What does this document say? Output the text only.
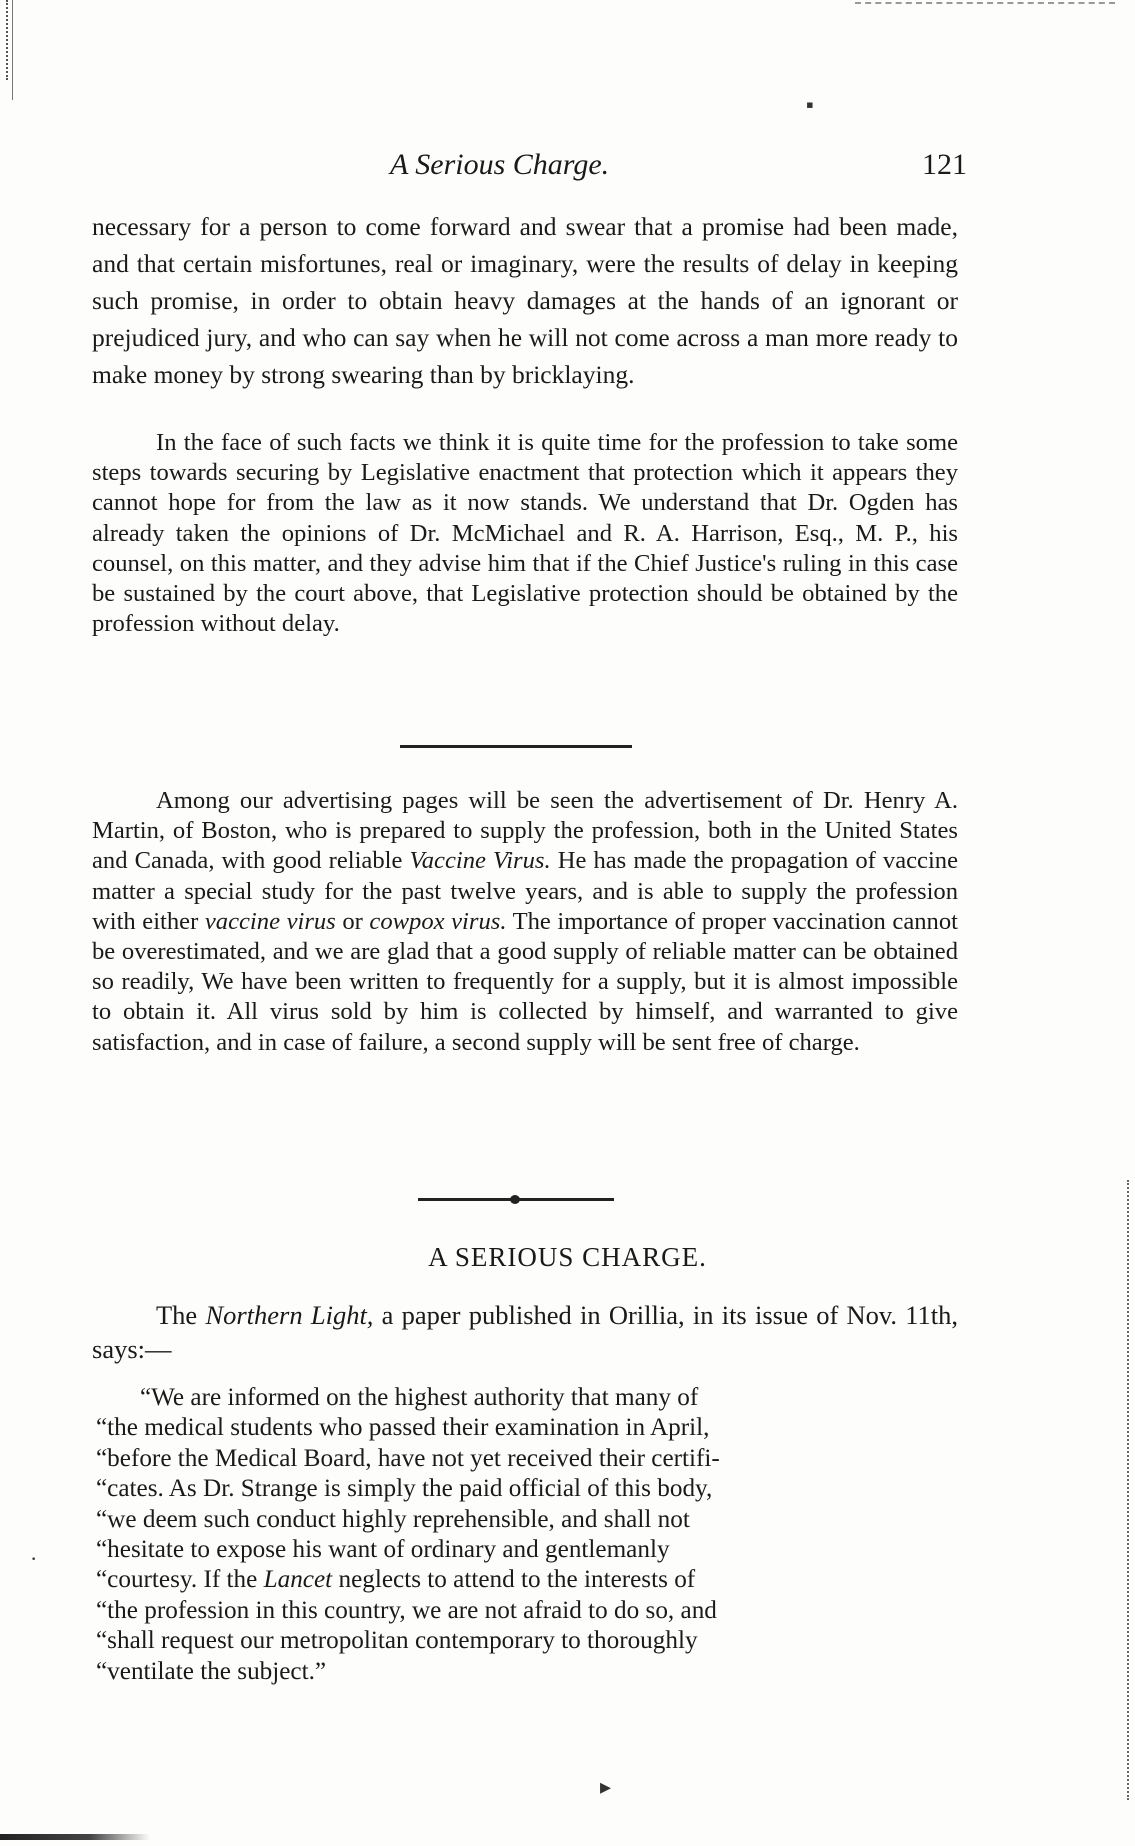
▪
·
▸
A Serious Charge.	121

necessary for a person to come forward and swear that a promise had been made, and that certain misfortunes, real or imaginary, were the results of delay in keeping such promise, in order to obtain heavy damages at the hands of an ignorant or prejudiced jury, and who can say when he will not come across a man more ready to make money by strong swearing than by bricklaying.

In the face of such facts we think it is quite time for the profession to take some steps towards securing by Legislative enactment that protection which it appears they cannot hope for from the law as it now stands. We understand that Dr. Ogden has already taken the opinions of Dr. McMichael and R. A. Harrison, Esq., M. P., his counsel, on this matter, and they advise him that if the Chief Justice's ruling in this case be sustained by the court above, that Legislative protection should be obtained by the profession without delay.

Among our advertising pages will be seen the advertisement of Dr. Henry A. Martin, of Boston, who is prepared to supply the profession, both in the United States and Canada, with good reliable Vaccine Virus. He has made the propagation of vaccine matter a special study for the past twelve years, and is able to supply the profession with either vaccine virus or cowpox virus. The importance of proper vaccination cannot be overestimated, and we are glad that a good supply of reliable matter can be obtained so readily, We have been written to frequently for a supply, but it is almost impossible to obtain it. All virus sold by him is collected by himself, and warranted to give satisfaction, and in case of failure, a second supply will be sent free of charge.

A SERIOUS CHARGE.

The Northern Light, a paper published in Orillia, in its issue of Nov. 11th, says:—

“We are informed on the highest authority that many of
“the medical students who passed their examination in April,
“before the Medical Board, have not yet received their certifi-
“cates. As Dr. Strange is simply the paid official of this body,
“we deem such conduct highly reprehensible, and shall not
“hesitate to expose his want of ordinary and gentlemanly
“courtesy. If the Lancet neglects to attend to the interests of
“the profession in this country, we are not afraid to do so, and
“shall request our metropolitan contemporary to thoroughly
“ventilate the subject.”
